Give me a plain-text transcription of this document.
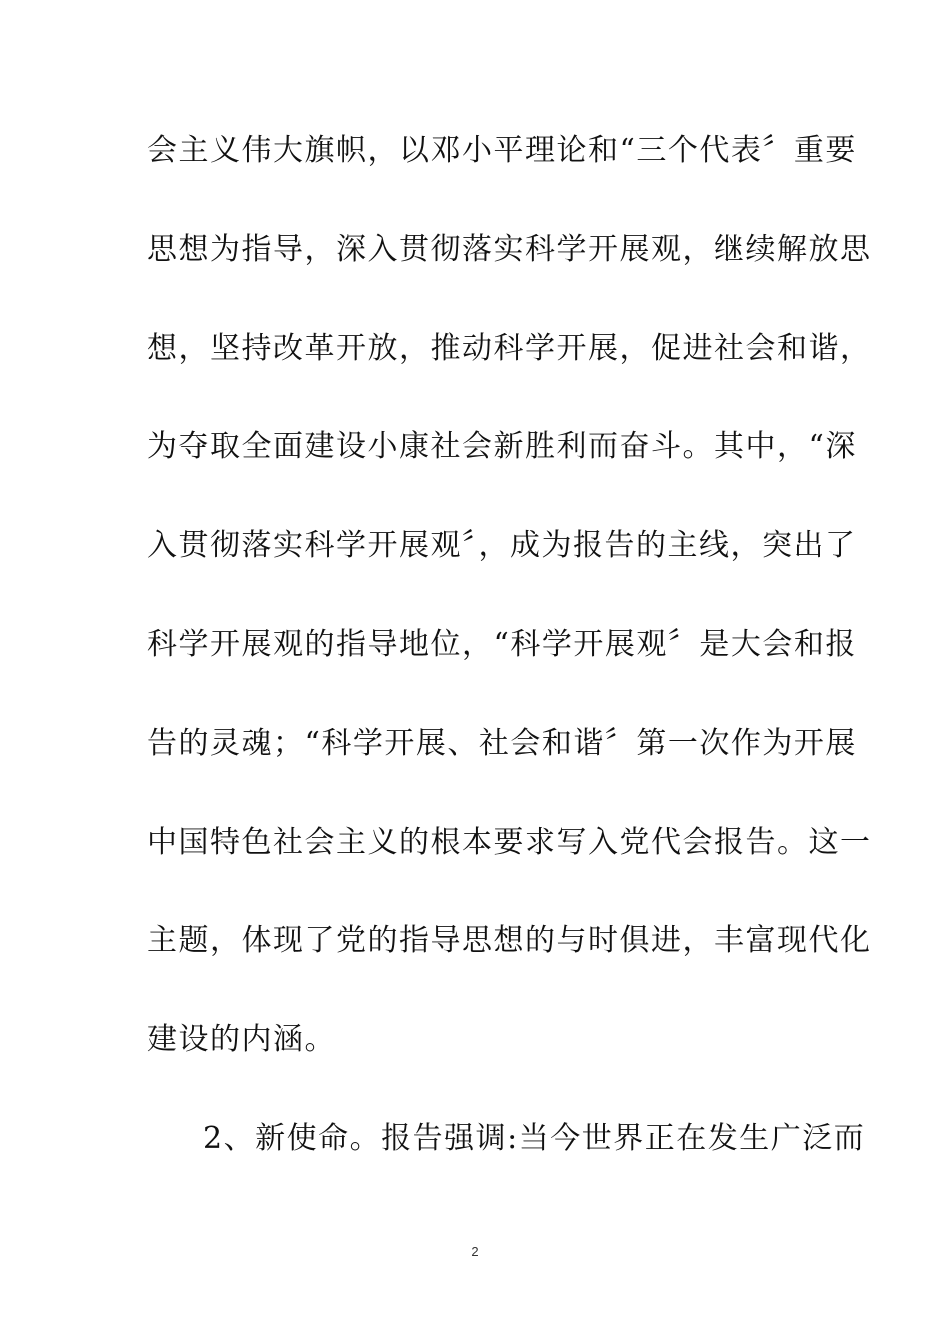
会主义伟大旗帜，以邓小平理论和“三个代表〞重要
思想为指导，深入贯彻落实科学开展观，继续解放思
想，坚持改革开放，推动科学开展，促进社会和谐，
为夺取全面建设小康社会新胜利而奋斗。其中，“深
入贯彻落实科学开展观〞，成为报告的主线，突出了
科学开展观的指导地位，“科学开展观〞是大会和报
告的灵魂；“科学开展、社会和谐〞第一次作为开展
中国特色社会主义的根本要求写入党代会报告。这一
主题，体现了党的指导思想的与时俱进，丰富现代化
建设的内涵。
2、新使命。报告强调:当今世界正在发生广泛而
2
